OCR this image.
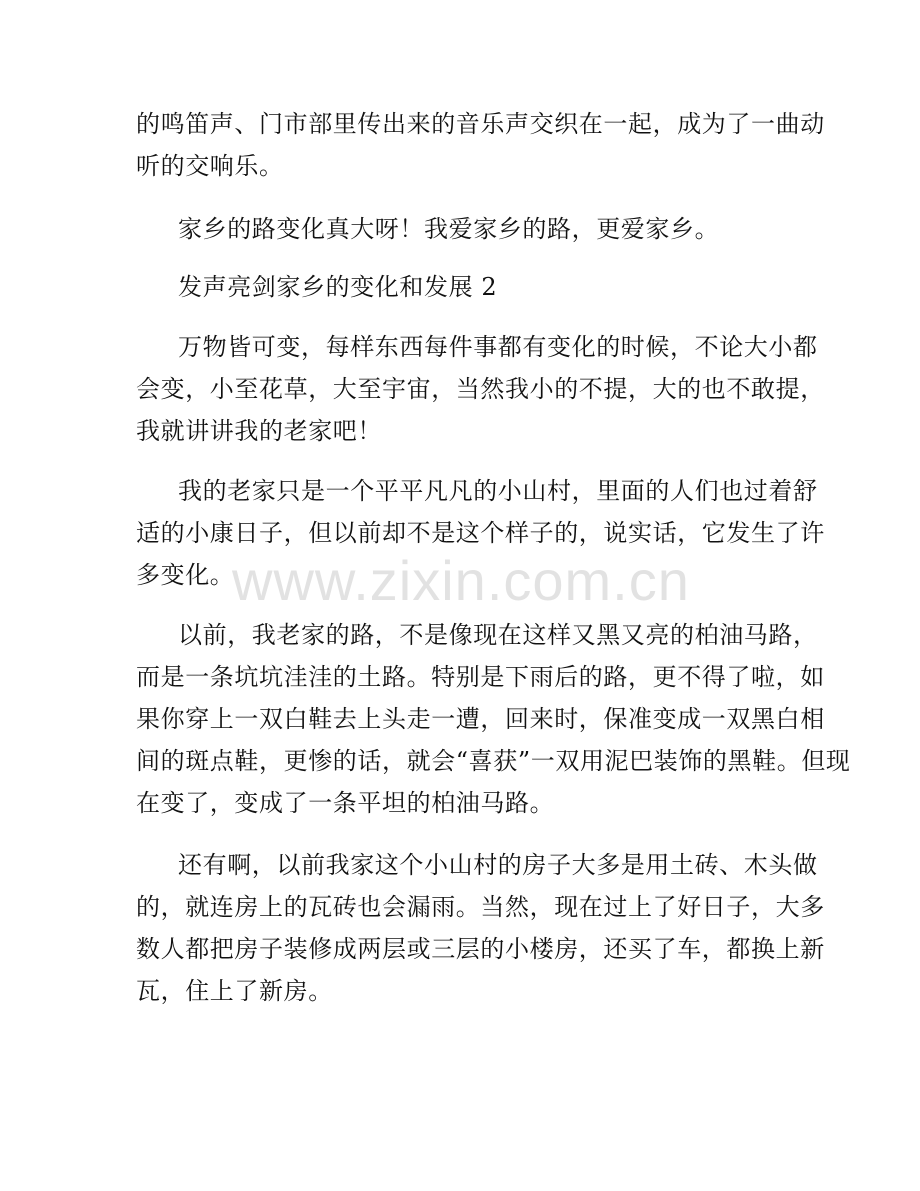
的鸣笛声、门市部里传出来的音乐声交织在一起，成为了一曲动
听的交响乐。

家乡的路变化真大呀！我爱家乡的路，更爱家乡。

发声亮剑家乡的变化和发展 2

万物皆可变，每样东西每件事都有变化的时候，不论大小都
会变，小至花草，大至宇宙，当然我小的不提，大的也不敢提，
我就讲讲我的老家吧！

我的老家只是一个平平凡凡的小山村，里面的人们也过着舒
适的小康日子，但以前却不是这个样子的，说实话，它发生了许
多变化。

以前，我老家的路，不是像现在这样又黑又亮的柏油马路，
而是一条坑坑洼洼的土路。特别是下雨后的路，更不得了啦，如
果你穿上一双白鞋去上头走一遭，回来时，保准变成一双黑白相
间的斑点鞋，更惨的话，就会“喜获”一双用泥巴装饰的黑鞋。但现
在变了，变成了一条平坦的柏油马路。

还有啊，以前我家这个小山村的房子大多是用土砖、木头做
的，就连房上的瓦砖也会漏雨。当然，现在过上了好日子，大多
数人都把房子装修成两层或三层的小楼房，还买了车，都换上新
瓦，住上了新房。

www.zixin.com.cn
